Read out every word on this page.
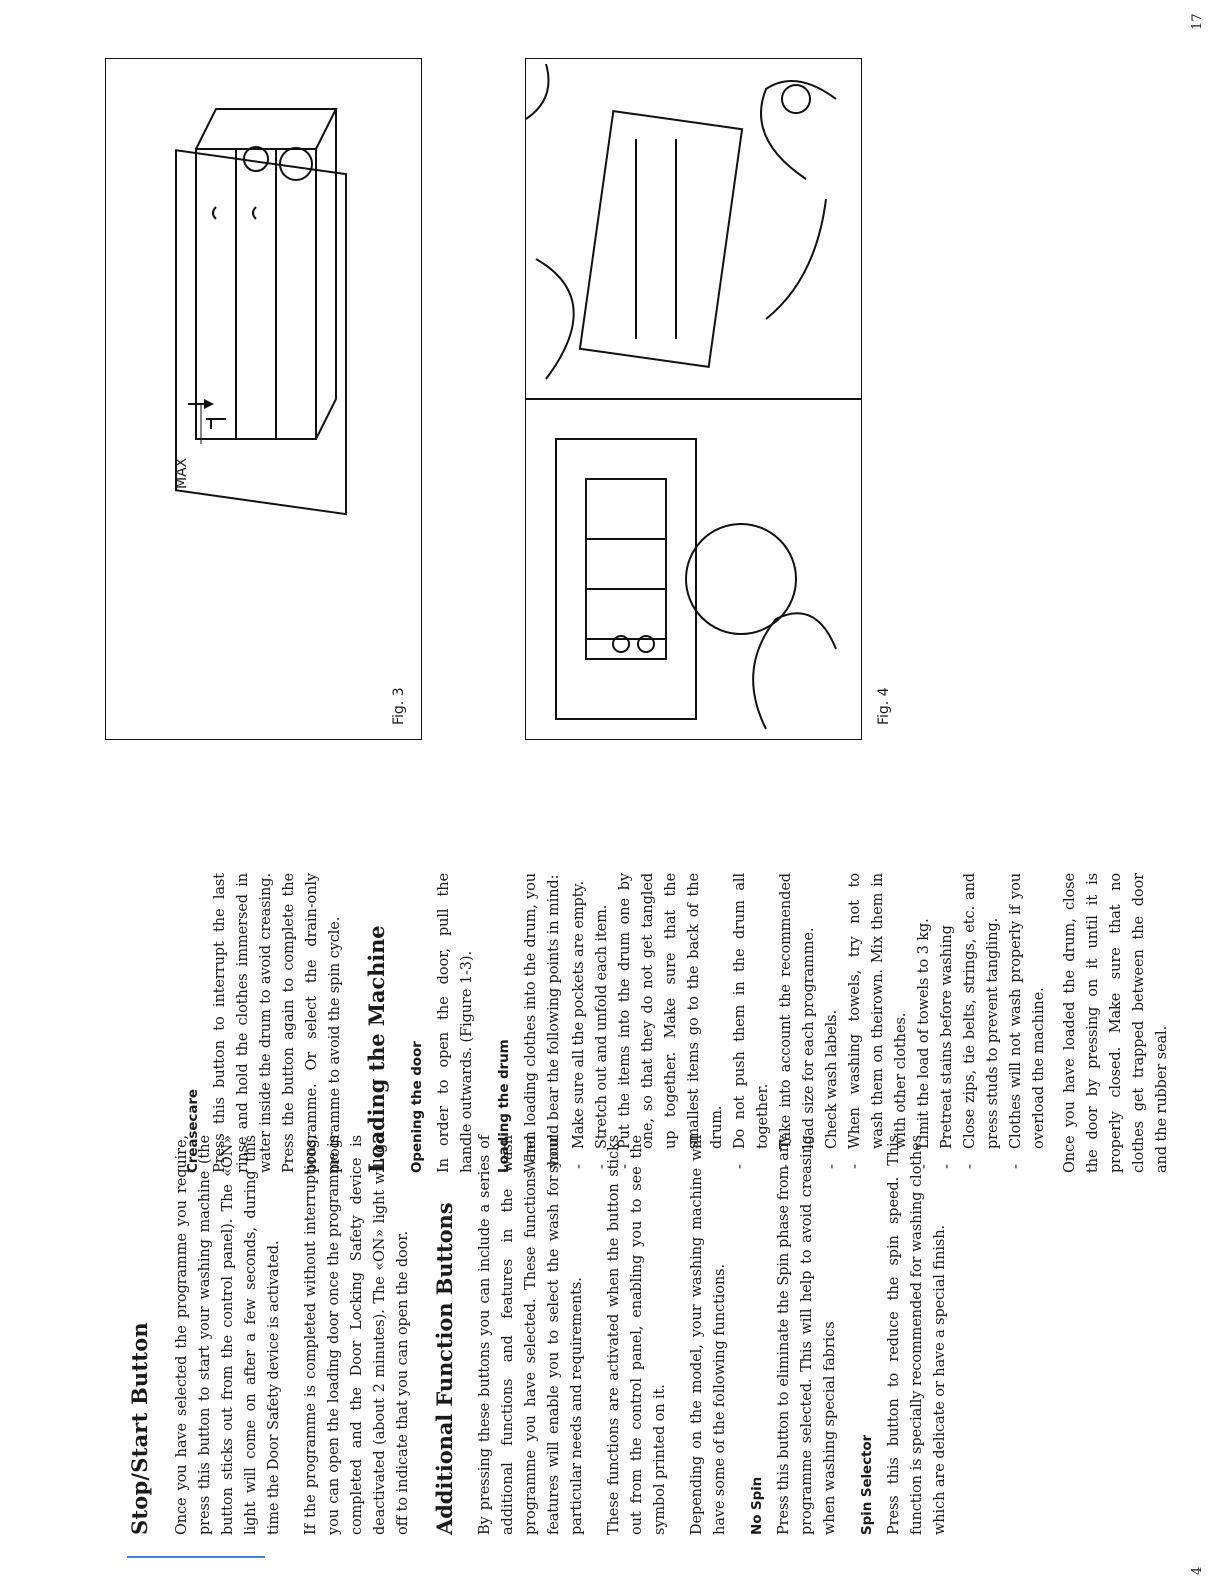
Stop/Start Button Once you have selected the programme you require, press this button to start your washing machine (the button sticks out from the control panel). The «ON» light will come on after a few seconds, during this time the Door Safety device is activated. If the programme is completed without interruptions, you can open the loading door once the programme is completed and the Door Locking Safety device is deactivated (about 2 minutes). The «ON» light will go off to indicate that you can open the door. Additional Function Buttons By pressing these buttons you can include a series of additional functions and features in the wash programme you have selected. These functions and features will enable you to select the wash for your particular needs and requirements. These functions are activated when the button sticks out from the control panel, enabling you to see the symbol printed on it. Depending on the model, your washing machine will have some of the following functions. No Spin Press this button to eliminate the Spin phase from any programme selected. This will help to avoid creasing when washing special fabrics Spin Selector Press this button to reduce the spin speed. This function is specially recommended for washing clothes which are delicate or have a special finish.

Creasecare Press this button to interrupt the last rinse and hold the clothes immersed in water inside the drum to avoid creasing. Press the button again to complete the programme. Or select the drain-only programme to avoid the spin cycle. Loading the Machine Opening the door In order to open the door, pull the handle outwards. (Figure 1-3). Loading the drum When loading clothes into the drum, you should bear the following points in mind: - Make sure all the pockets are empty. - Stretch out and unfold each item. - Put the items into the drum one by one, so that they do not get tangled up together. Make sure that the smallest items go to the back of the drum. - Do not push them in the drum all together. - Take into account the recommended load size for each programme. - Check wash labels. - When washing towels, try not to wash them on theirown. Mix them in with other clothes. - Limit the load of towels to 3 kg. - Pretreat stains before washing - Close zips, tie belts, strings, etc. and press studs to prevent tangling. - Clothes will not wash properly if you overload the machine. Once you have loaded the drum, close the door by pressing on it until it is properly closed. Make sure that no clothes get trapped between the door and the rubber seal.

4
MAX
Fig. 3	Fig. 4
17
